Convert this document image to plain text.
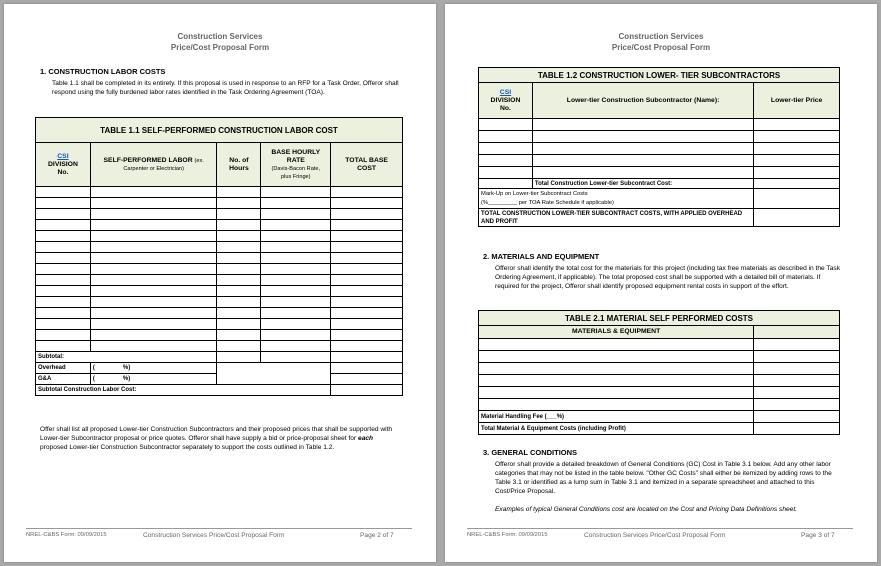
Construction Services
Price/Cost Proposal Form
1. CONSTRUCTION LABOR COSTS
Table 1.1 shall be completed in its entirety. If this proposal is used in response to an RFP for a Task Order, Offeror shall respond using the fully burdened labor rates identified in the Task Ordering Agreement (TOA).
TABLE 1.1 SELF-PERFORMED CONSTRUCTION LABOR COST				
CSI
DIVISION
No.	SELF-PERFORMED LABOR (ex.
Carpenter or Electrician)	No. of
Hours	BASE HOURLY
RATE
(Davis-Bacon Rate,
plus Fringe)	TOTAL BASE
COST

Subtotal:				
Overhead	( %)			
G&A	( %)			
Subtotal Construction Labor Cost:				
Offer shall list all proposed Lower-tier Construction Subcontractors and their proposed prices that shall be supported with Lower-tier Subcontractor proposal or price quotes. Offeror shall have supply a bid or price-proposal sheet for each proposed Lower-tier Construction Subcontractor separately to support the costs outlined in Table 1.2.
NREL-C&BS Form: 09/09/2015	Construction Services Price/Cost Proposal Form	Page 2 of 7
Construction Services
Price/Cost Proposal Form
TABLE 1.2 CONSTRUCTION LOWER- TIER SUBCONTRACTORS		
CSI
DIVISION
No.	Lower-tier Construction Subcontractor (Name):	Lower-tier Price

	Total Construction Lower-tier Subcontract Cost:	

Mark-Up on Lower-tier Subcontract Costs
(%_________ per TOA Rate Schedule if applicable)		

TOTAL CONSTRUCTION LOWER-TIER SUBCONTRACT COSTS, WITH APPLIED OVERHEAD AND PROFIT		
2. MATERIALS AND EQUIPMENT
Offeror shall identify the total cost for the materials for this project (including tax free materials as described in the Task Ordering Agreement, if applicable). The total proposed cost shall be supported with a detailed bill of materials. If required for the project, Offeror shall identify proposed equipment rental costs in support of the effort.
TABLE 2.1 MATERIAL SELF PERFORMED COSTS	
MATERIALS & EQUIPMENT	

Material Handling Fee (___%)	
Total Material & Equipment Costs (including Profit)	
3. GENERAL CONDITIONS
Offeror shall provide a detailed breakdown of General Conditions (GC) Cost in Table 3.1 below. Add any other labor categories that may not be listed in the table below. "Other GC Costs" shall either be itemized by adding rows to the Table 3.1 or identified as a lump sum in Table 3.1 and itemized in a separate spreadsheet and attached to this Cost/Price Proposal.
Examples of typical General Conditions cost are located on the Cost and Pricing Data Definitions sheet.
NREL-C&BS Form: 09/09/2015	Construction Services Price/Cost Proposal Form	Page 3 of 7
